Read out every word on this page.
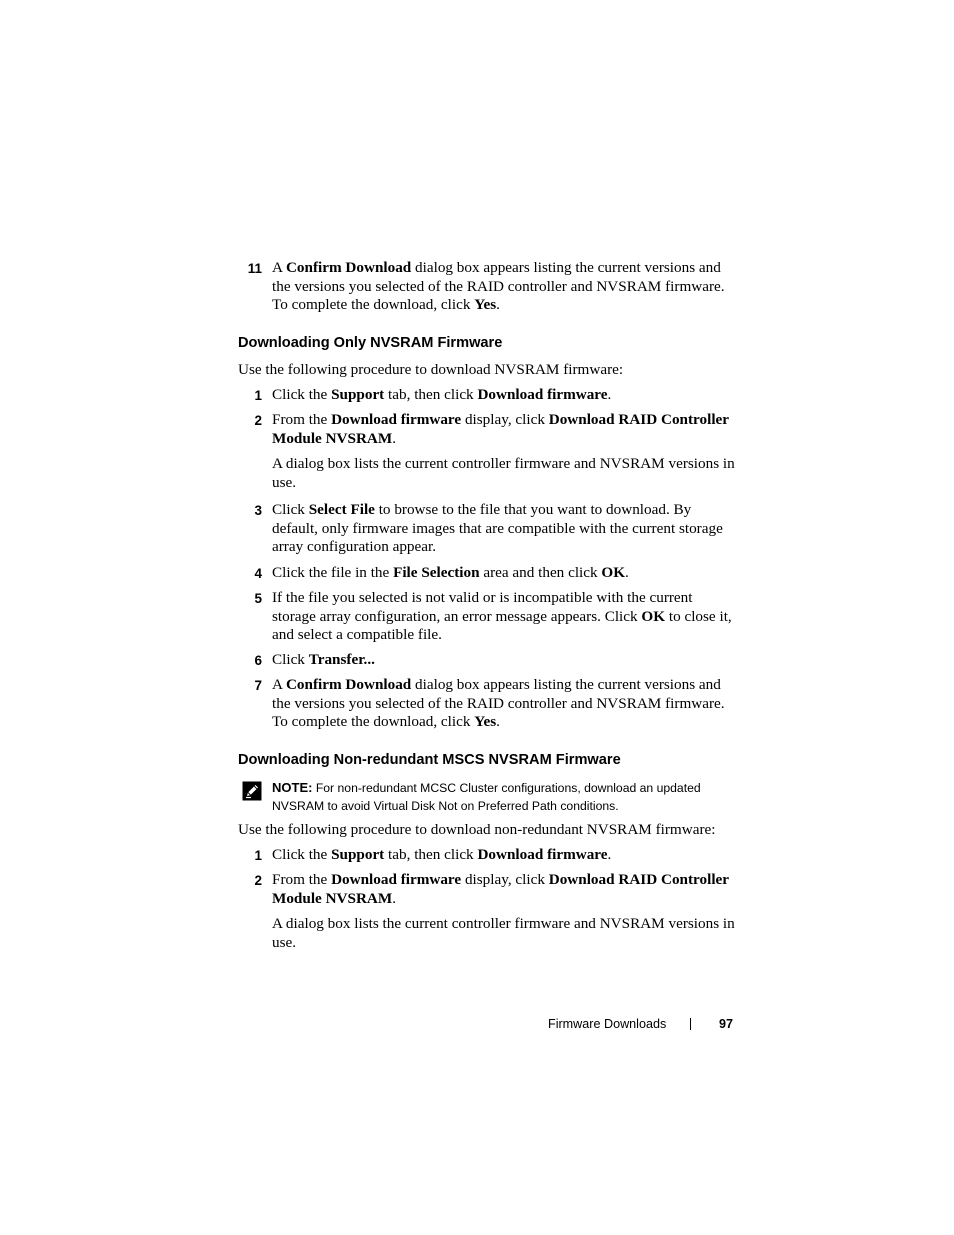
11 A Confirm Download dialog box appears listing the current versions and the versions you selected of the RAID controller and NVSRAM firmware. To complete the download, click Yes.
Downloading Only NVSRAM Firmware
Use the following procedure to download NVSRAM firmware:
1 Click the Support tab, then click Download firmware.
2 From the Download firmware display, click Download RAID Controller Module NVSRAM.
A dialog box lists the current controller firmware and NVSRAM versions in use.
3 Click Select File to browse to the file that you want to download. By default, only firmware images that are compatible with the current storage array configuration appear.
4 Click the file in the File Selection area and then click OK.
5 If the file you selected is not valid or is incompatible with the current storage array configuration, an error message appears. Click OK to close it, and select a compatible file.
6 Click Transfer...
7 A Confirm Download dialog box appears listing the current versions and the versions you selected of the RAID controller and NVSRAM firmware. To complete the download, click Yes.
Downloading Non-redundant MSCS NVSRAM Firmware
NOTE: For non-redundant MCSC Cluster configurations, download an updated NVSRAM to avoid Virtual Disk Not on Preferred Path conditions.
Use the following procedure to download non-redundant NVSRAM firmware:
1 Click the Support tab, then click Download firmware.
2 From the Download firmware display, click Download RAID Controller Module NVSRAM.
A dialog box lists the current controller firmware and NVSRAM versions in use.
Firmware Downloads	97
